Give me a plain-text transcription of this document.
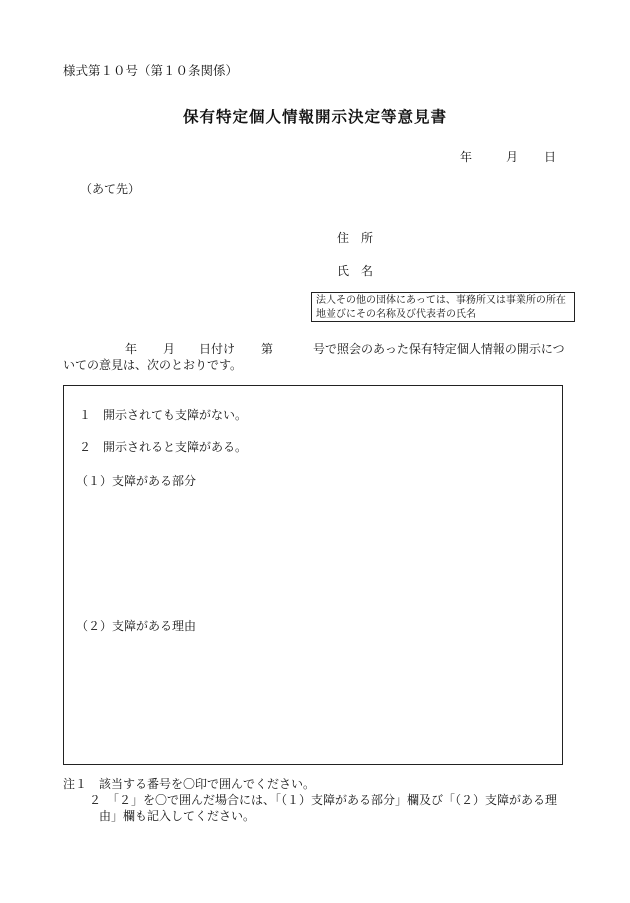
様式第１０号（第１０条関係）
保有特定個人情報開示決定等意見書
年	月 日
（あて先）
住　所
氏　名
法人その他の団体にあっては、事務所又は事業所の所在地並びにその名称及び代表者の氏名
年 月 日付け 第	号で照会のあった保有特定個人情報の開示につ
いての意見は、次のとおりです。
１　開示されても支障がない。
２　開示されると支障がある。
（１）支障がある部分
（２）支障がある理由
注１　該当する番号を〇印で囲んでください。
２　「２」を〇で囲んだ場合には、「（１）支障がある部分」欄及び「（２）支障がある理
由」欄も記入してください。
